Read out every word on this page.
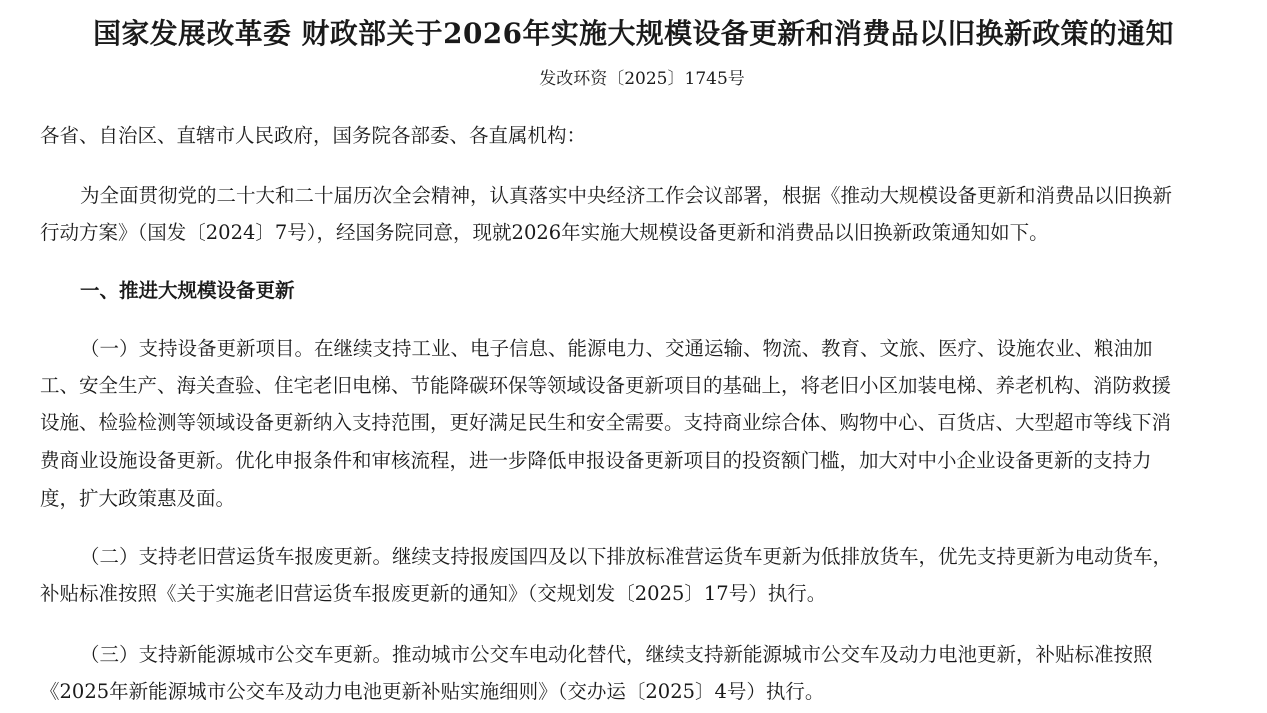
国家发展改革委 财政部关于2026年实施大规模设备更新和消费品以旧换新政策的通知
发改环资〔2025〕1745号
各省、自治区、直辖市人民政府，国务院各部委、各直属机构：
为全面贯彻党的二十大和二十届历次全会精神，认真落实中央经济工作会议部署，根据《推动大规模设备更新和消费品以旧换新
行动方案》（国发〔2024〕7号），经国务院同意，现就2026年实施大规模设备更新和消费品以旧换新政策通知如下。
一、推进大规模设备更新
（一）支持设备更新项目。在继续支持工业、电子信息、能源电力、交通运输、物流、教育、文旅、医疗、设施农业、粮油加
工、安全生产、海关查验、住宅老旧电梯、节能降碳环保等领域设备更新项目的基础上，将老旧小区加装电梯、养老机构、消防救援
设施、检验检测等领域设备更新纳入支持范围，更好满足民生和安全需要。支持商业综合体、购物中心、百货店、大型超市等线下消
费商业设施设备更新。优化申报条件和审核流程，进一步降低申报设备更新项目的投资额门槛，加大对中小企业设备更新的支持力
度，扩大政策惠及面。
（二）支持老旧营运货车报废更新。继续支持报废国四及以下排放标准营运货车更新为低排放货车，优先支持更新为电动货车，
补贴标准按照《关于实施老旧营运货车报废更新的通知》（交规划发〔2025〕17号）执行。
（三）支持新能源城市公交车更新。推动城市公交车电动化替代，继续支持新能源城市公交车及动力电池更新，补贴标准按照
《2025年新能源城市公交车及动力电池更新补贴实施细则》（交办运〔2025〕4号）执行。
